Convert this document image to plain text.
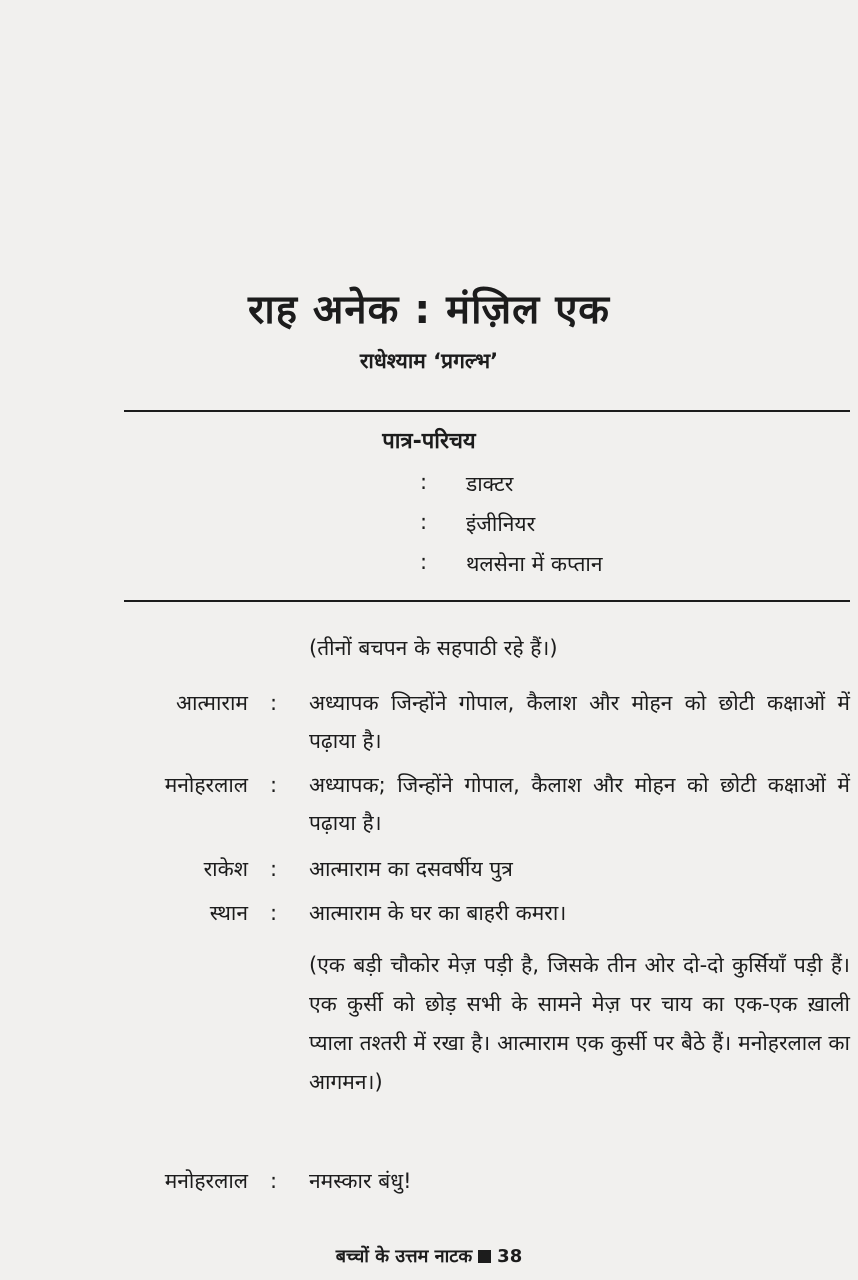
राह अनेक : मंज़िल एक
राधेश्याम ‘प्रगल्भ’
पात्र-परिचय
: डाक्टर
: इंजीनियर
: थलसेना में कप्तान
(तीनों बचपन के सहपाठी रहे हैं।)
आत्माराम : अध्यापक जिन्होंने गोपाल, कैलाश और मोहन को छोटी कक्षाओं में पढ़ाया है।
मनोहरलाल : अध्यापक; जिन्होंने गोपाल, कैलाश और मोहन को छोटी कक्षाओं में पढ़ाया है।
राकेश : आत्माराम का दसवर्षीय पुत्र
स्थान : आत्माराम के घर का बाहरी कमरा।
(एक बड़ी चौकोर मेज़ पड़ी है, जिसके तीन ओर दो-दो कुर्सियाँ पड़ी हैं। एक कुर्सी को छोड़ सभी के सामने मेज़ पर चाय का एक-एक ख़ाली प्याला तश्तरी में रखा है। आत्माराम एक कुर्सी पर बैठे हैं। मनोहरलाल का आगमन।)
मनोहरलाल : नमस्कार बंधु!
बच्चों के उत्तम नाटक 38
